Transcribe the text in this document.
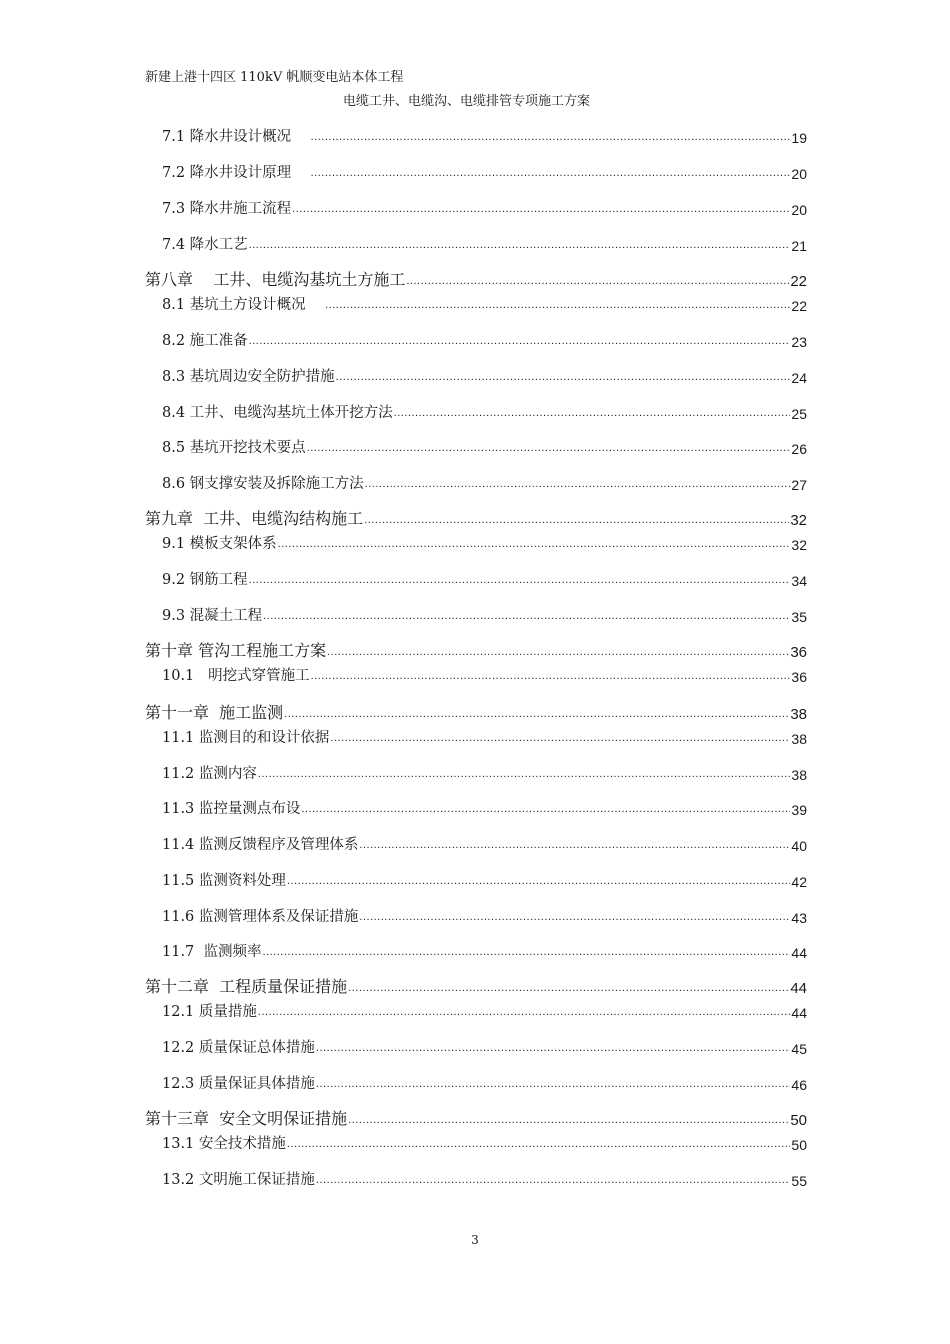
新建上港十四区 110kV 帆顺变电站本体工程
电缆工井、电缆沟、电缆排管专项施工方案
7.1 降水井设计概况 .....	19
7.2 降水井设计原理 .....	20
7.3 降水井施工流程 .....	20
7.4 降水工艺 .....	21
第八章    工井、电缆沟基坑土方施工 .....	22
8.1 基坑土方设计概况 .....	22
8.2 施工准备 .....	23
8.3 基坑周边安全防护措施 .....	24
8.4 工井、电缆沟基坑土体开挖方法 .....	25
8.5 基坑开挖技术要点 .....	26
8.6 钢支撑安装及拆除施工方法 .....	27
第九章  工井、电缆沟结构施工 .....	32
9.1 模板支架体系 .....	32
9.2 钢筋工程 .....	34
9.3 混凝土工程 .....	35
第十章 管沟工程施工方案 .....	36
10.1   明挖式穿管施工 .....	36
第十一章  施工监测 .....	38
11.1 监测目的和设计依据 .....	38
11.2 监测内容 .....	38
11.3 监控量测点布设 .....	39
11.4 监测反馈程序及管理体系 .....	40
11.5 监测资料处理 .....	42
11.6 监测管理体系及保证措施 .....	43
11.7  监测频率 .....	44
第十二章  工程质量保证措施 .....	44
12.1 质量措施 .....	44
12.2 质量保证总体措施 .....	45
12.3 质量保证具体措施 .....	46
第十三章  安全文明保证措施 .....	50
13.1 安全技术措施 .....	50
13.2 文明施工保证措施 .....	55
3
